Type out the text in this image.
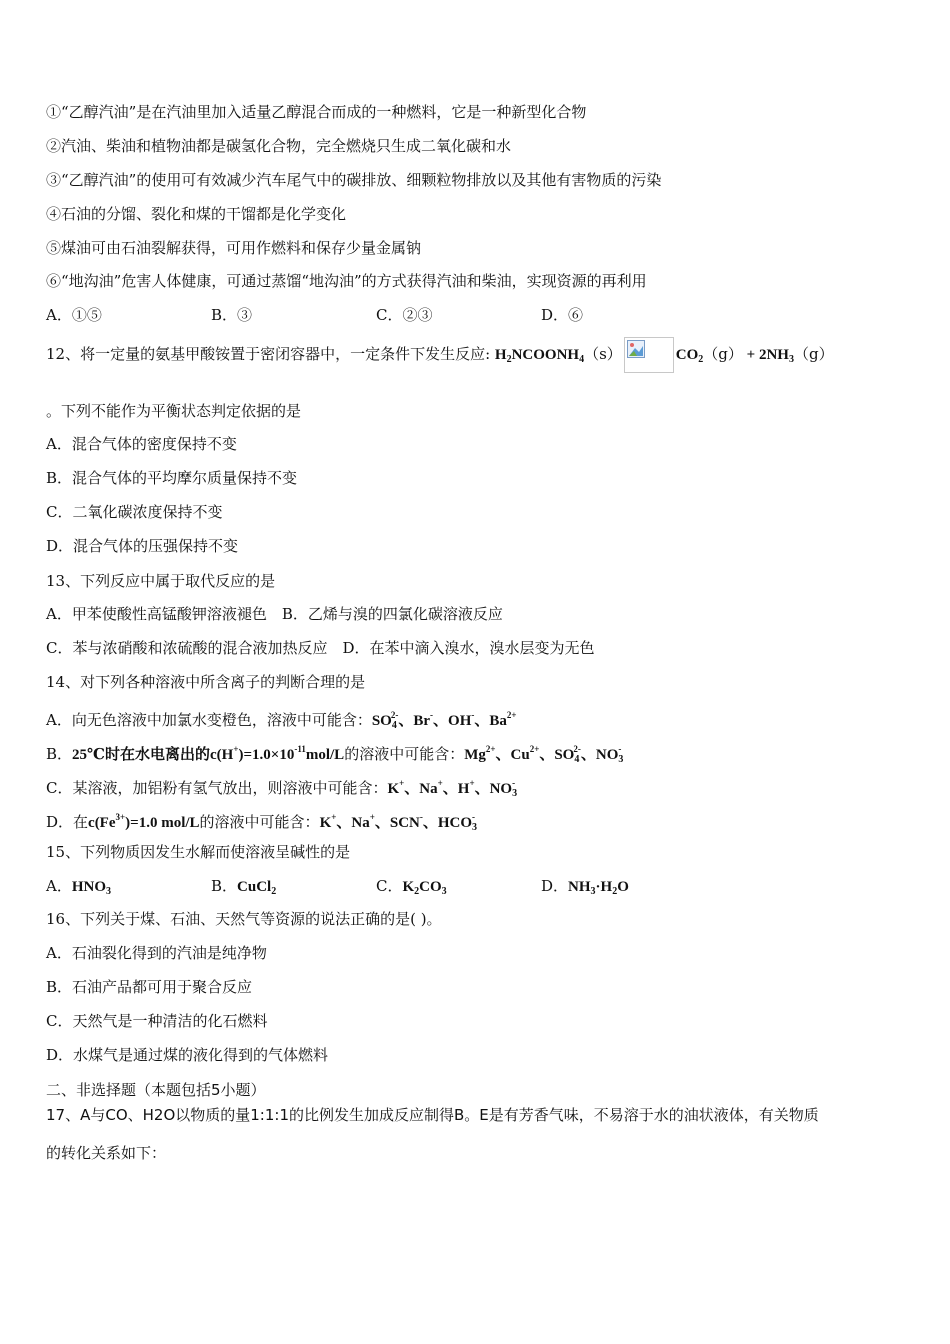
①“乙醇汽油”是在汽油里加入适量乙醇混合而成的一种燃料，它是一种新型化合物
②汽油、柴油和植物油都是碳氢化合物，完全燃烧只生成二氧化碳和水
③“乙醇汽油”的使用可有效减少汽车尾气中的碳排放、细颗粒物排放以及其他有害物质的污染
④石油的分馏、裂化和煤的干馏都是化学变化
⑤煤油可由石油裂解获得，可用作燃料和保存少量金属钠
⑥“地沟油”危害人体健康，可通过蒸馏“地沟油”的方式获得汽油和柴油，实现资源的再利用
A．①⑤	B．③	C．②③	D．⑥
12、将一定量的氨基甲酸铵置于密闭容器中，一定条件下发生反应: $H_2NCOONH_4(s)$	$CO_2(g) + 2NH_3(g)$
。下列不能作为平衡状态判定依据的是
A．混合气体的密度保持不变
B．混合气体的平均摩尔质量保持不变
C．二氧化碳浓度保持不变
D．混合气体的压强保持不变
13、下列反应中属于取代反应的是
A．甲苯使酸性高锰酸钾溶液褪色　B．乙烯与溴的四氯化碳溶液反应
C．苯与浓硝酸和浓硫酸的混合液加热反应　D．在苯中滴入溴水，溴水层变为无色
14、对下列各种溶液中所含离子的判断合理的是
A．向无色溶液中加氯水变橙色，溶液中可能含：$SO_4^{2-}$、Br-、OH-、$Ba^{2+}$
B．25℃时在水电离出的$c(H^+)=1.0\times 10^{-11}mol/L$的溶液中可能含：$Mg^{2+}$、$Cu^{2+}$、$SO_4^{2-}$、$NO_3^-$
C．某溶液，加铝粉有氢气放出，则溶液中可能含：K+、Na+、H+、$NO_3^-$
D．在$c(Fe^{3+})=1.0$ mol/L的溶液中可能含：K+、Na+、SCN-、$HCO_3^-$
15、下列物质因发生水解而使溶液呈碱性的是
A．$HNO_3$	B．CuCl$_2$	C．$K_2CO_3$	D．$NH_3\cdot H_2O$
16、下列关于煤、石油、天然气等资源的说法正确的是( )。
A．石油裂化得到的汽油是纯净物
B．石油产品都可用于聚合反应
C．天然气是一种清洁的化石燃料
D．水煤气是通过煤的液化得到的气体燃料
二、非选择题（本题包括5小题）
17、A与CO、H2O以物质的量1:1:1的比例发生加成反应制得B。E是有芳香气味，不易溶于水的油状液体，有关物质
的转化关系如下：
